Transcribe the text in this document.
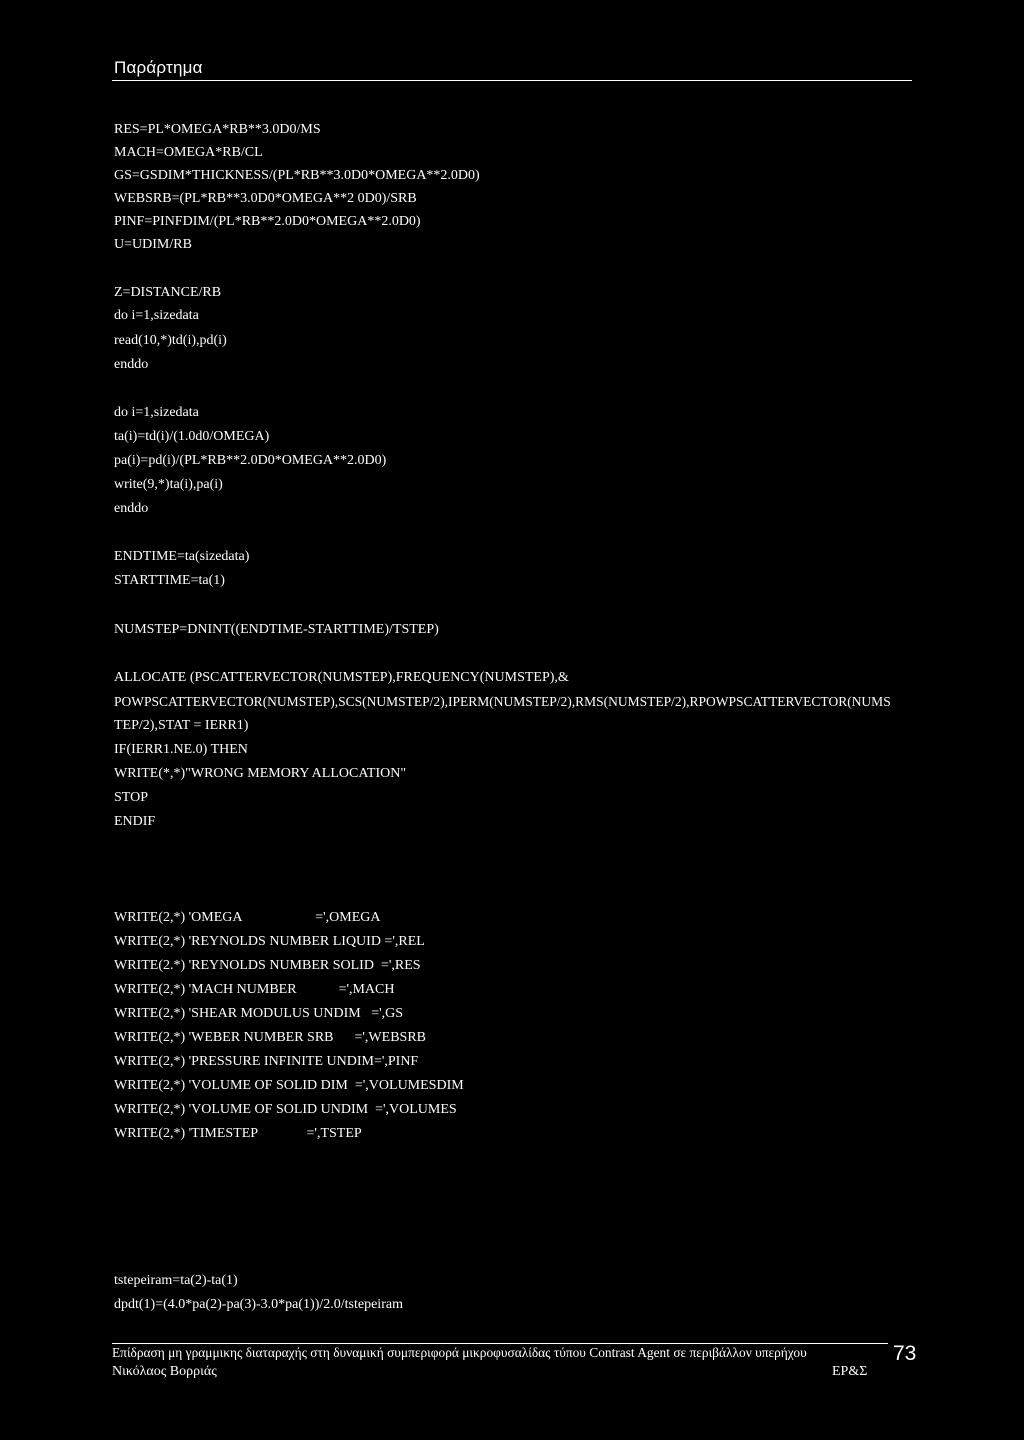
Παράρτημα
RES=PL*OMEGA*RB**3.0D0/MS
MACH=OMEGA*RB/CL
GS=GSDIM*THICKNESS/(PL*RB**3.0D0*OMEGA**2.0D0)
WEBSRB=(PL*RB**3.0D0*OMEGA**2 0D0)/SRB
PINF=PINFDIM/(PL*RB**2.0D0*OMEGA**2.0D0)
U=UDIM/RB
Z=DISTANCE/RB
do i=1,sizedata
read(10,*)td(i),pd(i)
enddo
do i=1,sizedata
ta(i)=td(i)/(1.0d0/OMEGA)
pa(i)=pd(i)/(PL*RB**2.0D0*OMEGA**2.0D0)
write(9,*)ta(i),pa(i)
enddo
ENDTIME=ta(sizedata)
STARTTIME=ta(1)
NUMSTEP=DNINT((ENDTIME-STARTTIME)/TSTEP)
ALLOCATE (PSCATTERVECTOR(NUMSTEP),FREQUENCY(NUMSTEP),&
POWPSCATTERVECTOR(NUMSTEP),SCS(NUMSTEP/2),IPERM(NUMSTEP/2),RMS(NUMSTEP/2),RPOWPSCATTERVECTOR(NUMS
TEP/2),STAT = IERR1)
IF(IERR1.NE.0) THEN
WRITE(*,*)"WRONG MEMORY ALLOCATION"
STOP
ENDIF
WRITE(2,*) 'OMEGA                     =',OMEGA
WRITE(2,*) 'REYNOLDS NUMBER LIQUID =',REL
WRITE(2.*) 'REYNOLDS NUMBER SOLID  =',RES
WRITE(2,*) 'MACH NUMBER            =',MACH
WRITE(2,*) 'SHEAR MODULUS UNDIM   =',GS
WRITE(2,*) 'WEBER NUMBER SRB      =',WEBSRB
WRITE(2,*) 'PRESSURE INFINITE UNDIM=',PINF
WRITE(2,*) 'VOLUME OF SOLID DIM  =',VOLUMESDIM
WRITE(2,*) 'VOLUME OF SOLID UNDIM  =',VOLUMES
WRITE(2,*) 'TIMESTEP              =',TSTEP
tstepeiram=ta(2)-ta(1)
dpdt(1)=(4.0*pa(2)-pa(3)-3.0*pa(1))/2.0/tstepeiram
Επίδραση μη γραμμικης διαταραχής στη δυναμική συμπεριφορά μικροφυσαλίδας τύπου Contrast Agent σε περιβάλλον υπερήχου
Νικόλαος Βορριάς	ΕΡ&Σ
73
